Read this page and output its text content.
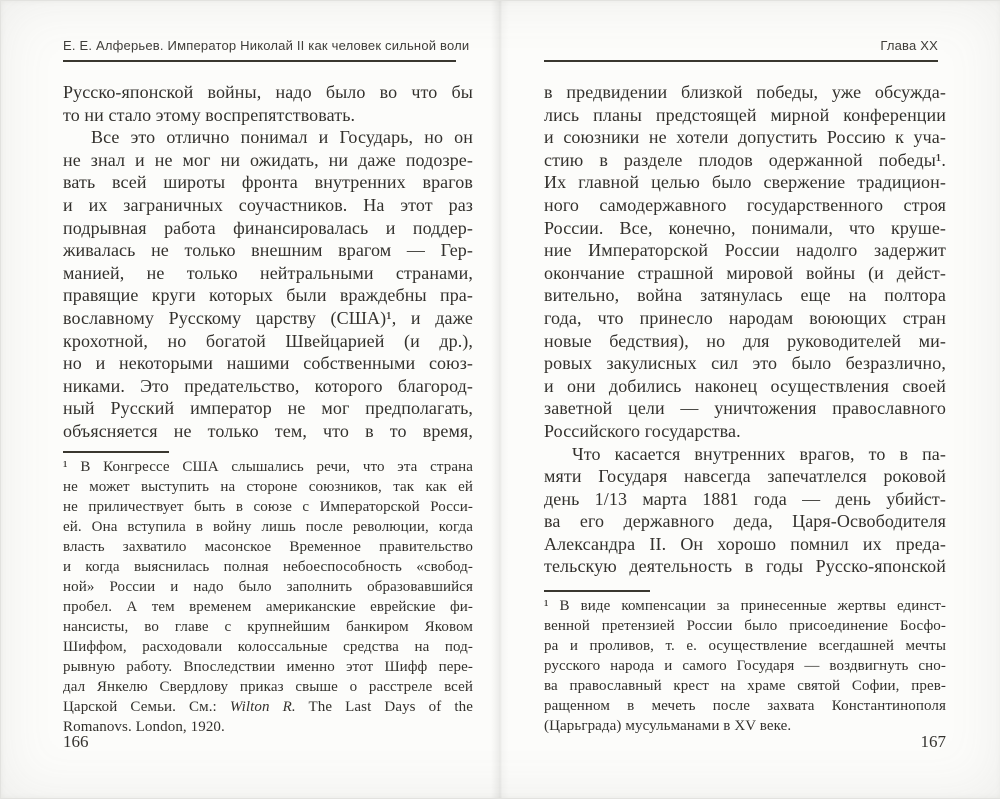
Е. Е. Алферьев. Император Николай II как человек сильной воли
Русско-японской войны, надо было во что бы
то ни стало этому воспрепятствовать.
Все это отлично понимал и Государь, но он
не знал и не мог ни ожидать, ни даже подозре-
вать всей широты фронта внутренних врагов
и их заграничных соучастников. На этот раз
подрывная работа финансировалась и поддер-
живалась не только внешним врагом — Гер-
манией, не только нейтральными странами,
правящие круги которых были враждебны пра-
вославному Русскому царству (США)¹, и даже
крохотной, но богатой Швейцарией (и др.),
но и некоторыми нашими собственными союз-
никами. Это предательство, которого благород-
ный Русский император не мог предполагать,
объясняется не только тем, что в то время,
¹ В Конгрессе США слышались речи, что эта страна
не может выступить на стороне союзников, так как ей
не приличествует быть в союзе с Императорской Росси-
ей. Она вступила в войну лишь после революции, когда
власть захватило масонское Временное правительство
и когда выяснилась полная небоеспособность «свобод-
ной» России и надо было заполнить образовавшийся
пробел. А тем временем американские еврейские фи-
нансисты, во главе с крупнейшим банкиром Яковом
Шиффом, расходовали колоссальные средства на под-
рывную работу. Впоследствии именно этот Шифф пере-
дал Янкелю Свердлову приказ свыше о расстреле всей
Царской Семьи. См.: Wilton R. The Last Days of the
Romanovs. London, 1920.
166
Глава XX
в предвидении близкой победы, уже обсужда-
лись планы предстоящей мирной конференции
и союзники не хотели допустить Россию к уча-
стию в разделе плодов одержанной победы¹.
Их главной целью было свержение традицион-
ного самодержавного государственного строя
России. Все, конечно, понимали, что круше-
ние Императорской России надолго задержит
окончание страшной мировой войны (и дейст-
вительно, война затянулась еще на полтора
года, что принесло народам воюющих стран
новые бедствия), но для руководителей ми-
ровых закулисных сил это было безразлично,
и они добились наконец осуществления своей
заветной цели — уничтожения православного
Российского государства.
Что касается внутренних врагов, то в па-
мяти Государя навсегда запечатлелся роковой
день 1/13 марта 1881 года — день убийст-
ва его державного деда, Царя-Освободителя
Александра II. Он хорошо помнил их преда-
тельскую деятельность в годы Русско-японской
¹ В виде компенсации за принесенные жертвы единст-
венной претензией России было присоединение Босфо-
ра и проливов, т. е. осуществление всегдашней мечты
русского народа и самого Государя — воздвигнуть сно-
ва православный крест на храме святой Софии, прев-
ращенном в мечеть после захвата Константинополя
(Царьграда) мусульманами в XV веке.
167
